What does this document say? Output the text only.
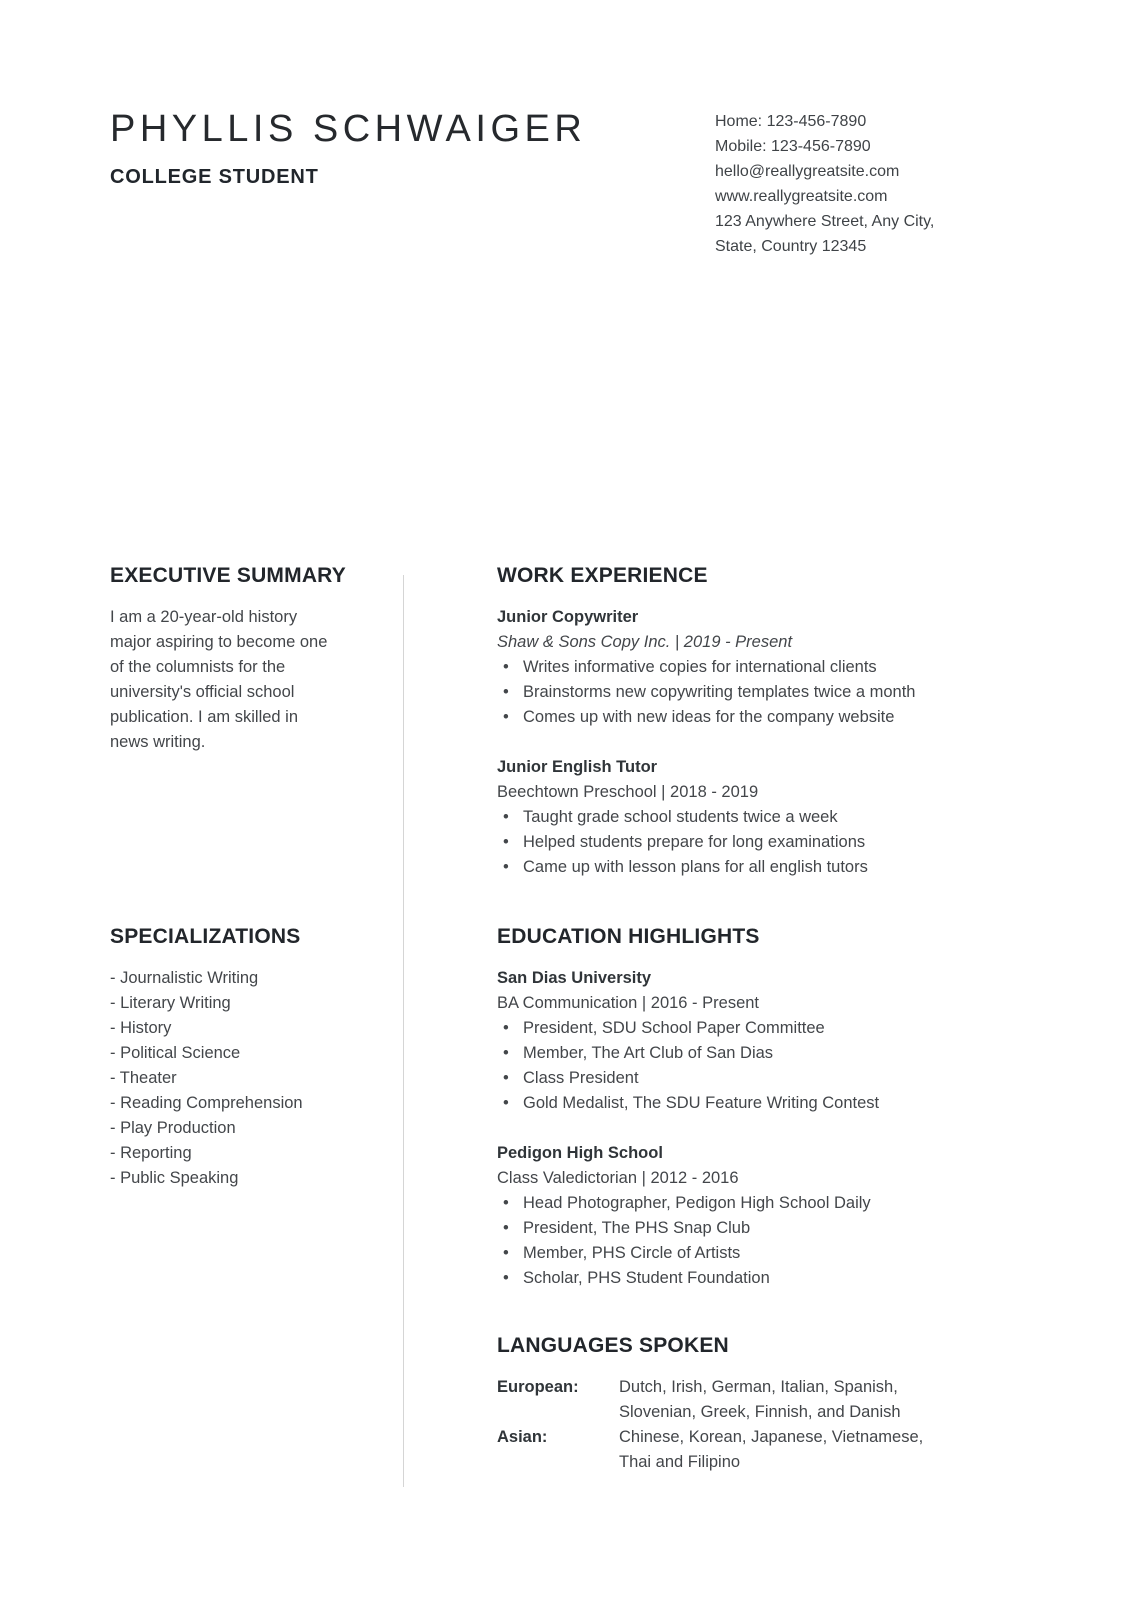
PHYLLIS SCHWAIGER
COLLEGE STUDENT
Home: 123-456-7890
Mobile: 123-456-7890
hello@reallygreatsite.com
www.reallygreatsite.com
123 Anywhere Street, Any City,
State, Country 12345
EXECUTIVE SUMMARY
I am a 20-year-old history
major aspiring to become one
of the columnists for the
university's official school
publication. I am skilled in
news writing.
SPECIALIZATIONS
- Journalistic Writing
- Literary Writing
- History
- Political Science
- Theater
- Reading Comprehension
- Play Production
- Reporting
- Public Speaking
WORK EXPERIENCE
Junior Copywriter
Shaw & Sons Copy Inc. | 2019 - Present
• Writes informative copies for international clients
• Brainstorms new copywriting templates twice a month
• Comes up with new ideas for the company website
Junior English Tutor
Beechtown Preschool | 2018 - 2019
• Taught grade school students twice a week
• Helped students prepare for long examinations
• Came up with lesson plans for all english tutors
EDUCATION HIGHLIGHTS
San Dias University
BA Communication | 2016 - Present
• President, SDU School Paper Committee
• Member, The Art Club of San Dias
• Class President
• Gold Medalist, The SDU Feature Writing Contest
Pedigon High School
Class Valedictorian | 2012 - 2016
• Head Photographer, Pedigon High School Daily
• President, The PHS Snap Club
• Member, PHS Circle of Artists
• Scholar, PHS Student Foundation
LANGUAGES SPOKEN
European:	Dutch, Irish, German, Italian, Spanish,
Slovenian, Greek, Finnish, and Danish
Asian:	Chinese, Korean, Japanese, Vietnamese,
Thai and Filipino
